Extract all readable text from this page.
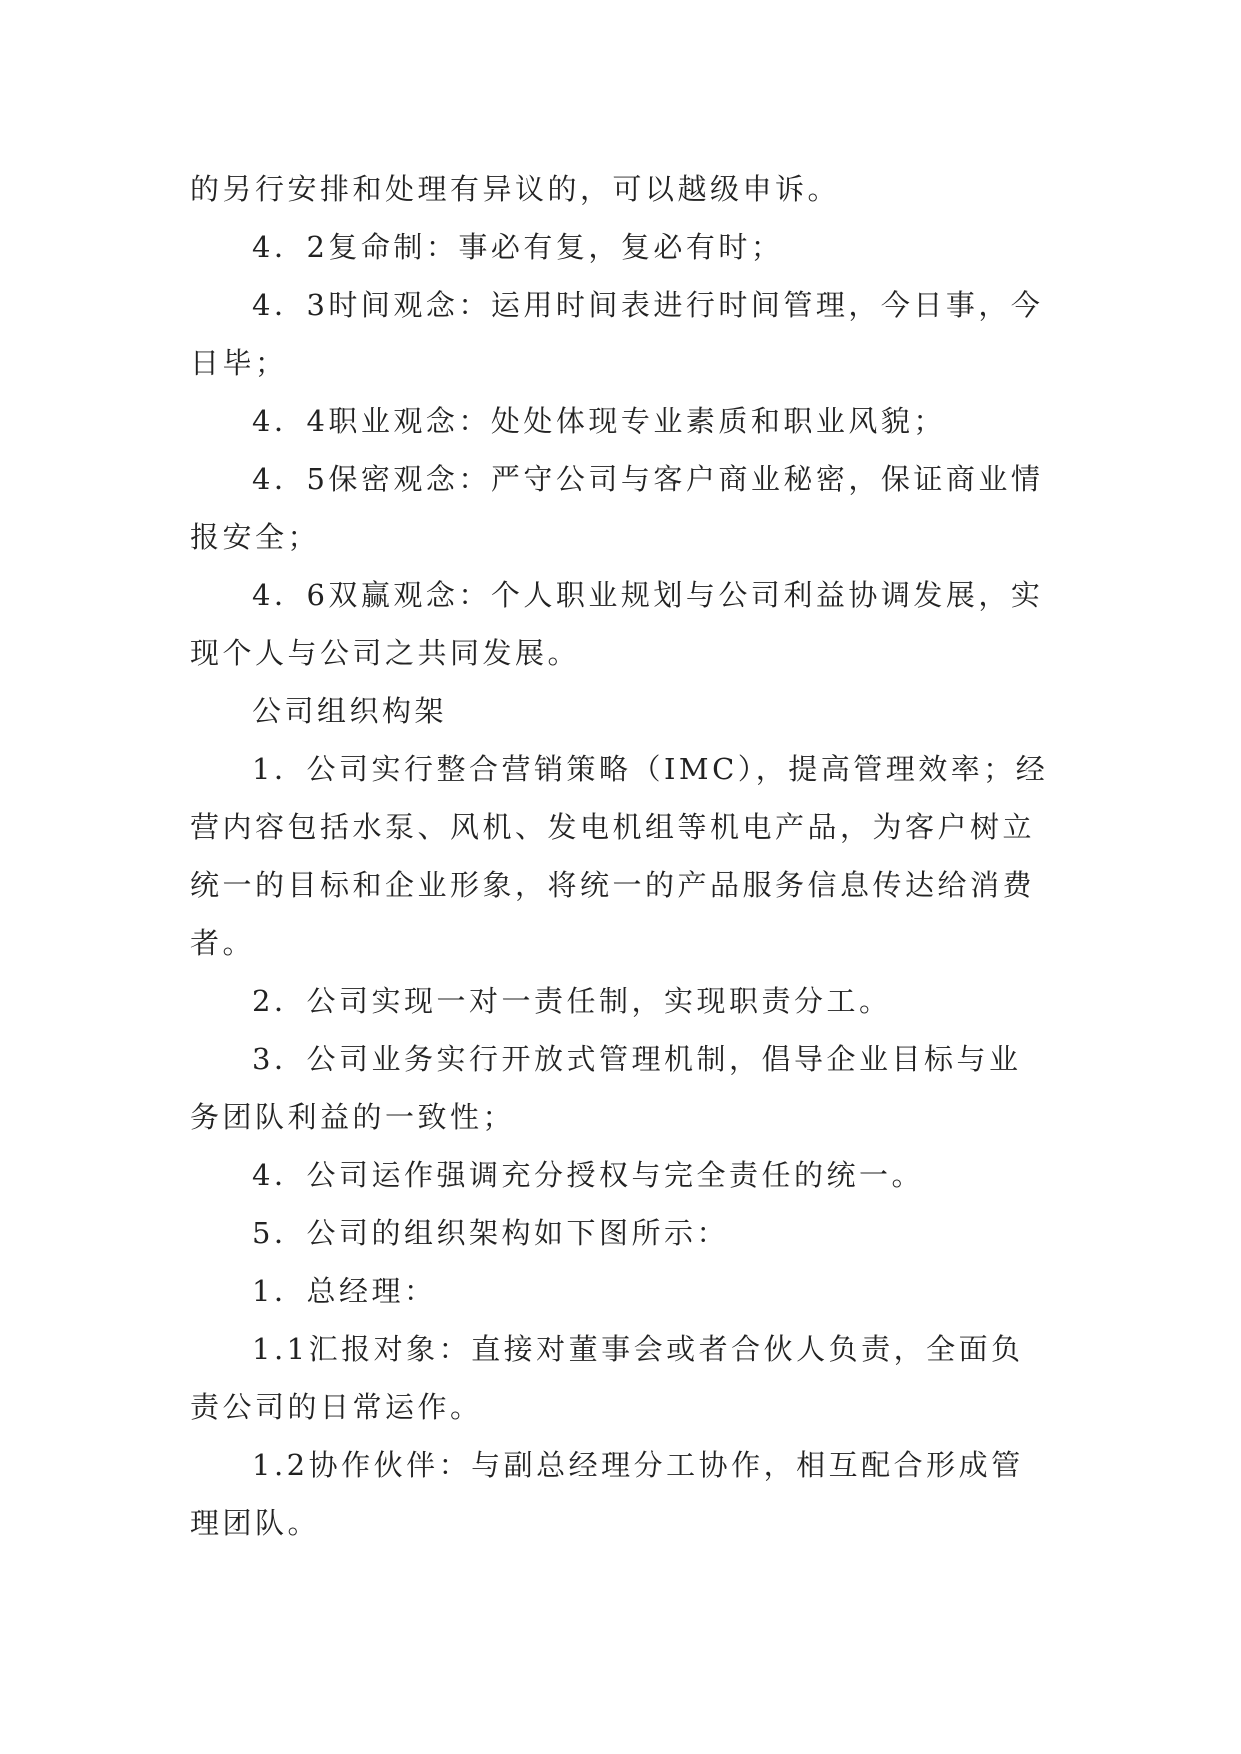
的另行安排和处理有异议的，可以越级申诉。

4．2复命制：事必有复，复必有时；

4．3时间观念：运用时间表进行时间管理，今日事，今日毕；

4．4职业观念：处处体现专业素质和职业风貌；

4．5保密观念：严守公司与客户商业秘密，保证商业情报安全；

4．6双赢观念：个人职业规划与公司利益协调发展，实现个人与公司之共同发展。

公司组织构架

1．公司实行整合营销策略（IMC），提高管理效率；经营内容包括水泵、风机、发电机组等机电产品，为客户树立统一的目标和企业形象，将统一的产品服务信息传达给消费者。

2．公司实现一对一责任制，实现职责分工。

3．公司业务实行开放式管理机制，倡导企业目标与业务团队利益的一致性；

4．公司运作强调充分授权与完全责任的统一。

5．公司的组织架构如下图所示：

1．总经理：

1.1汇报对象：直接对董事会或者合伙人负责，全面负责公司的日常运作。

1.2协作伙伴：与副总经理分工协作，相互配合形成管理团队。
